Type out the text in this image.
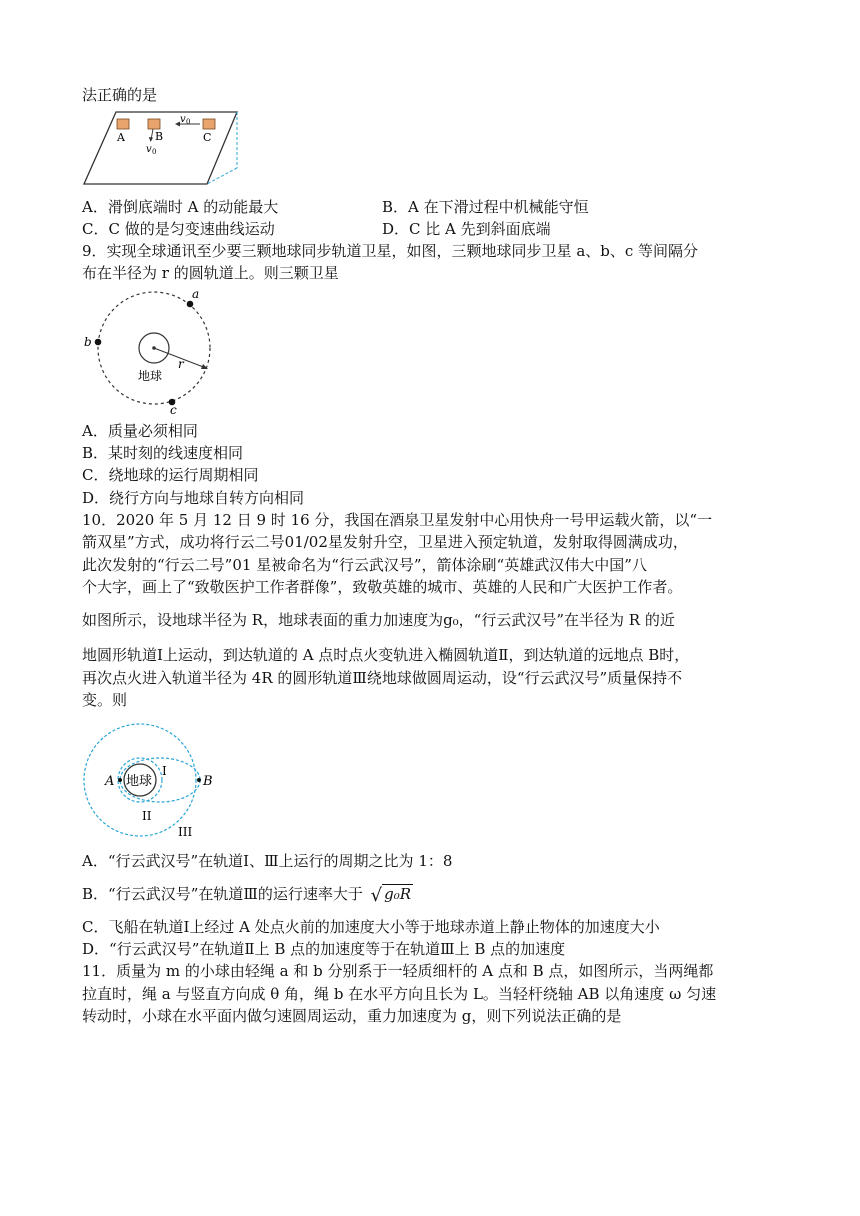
法正确的是
A	B	C
v 0
v 0
A．滑倒底端时 A 的动能最大	B．A 在下滑过程中机械能守恒
C．C 做的是匀变速曲线运动	D．C 比 A 先到斜面底端
9．实现全球通讯至少要三颗地球同步轨道卫星，如图，三颗地球同步卫星 a、b、c 等间隔分
布在半径为 r 的圆轨道上。则三颗卫星
a
b
c
r
地球
A．质量必须相同
B．某时刻的线速度相同
C．绕地球的运行周期相同
D．绕行方向与地球自转方向相同
10．2020 年 5 月 12 日 9 时 16 分，我国在酒泉卫星发射中心用快舟一号甲运载火箭，以“一
箭双星”方式，成功将行云二号01/02星发射升空，卫星进入预定轨道，发射取得圆满成功，
此次发射的“行云二号”01 星被命名为“行云武汉号”，箭体涂刷“英雄武汉伟大中国”八
个大字，画上了“致敬医护工作者群像”，致敬英雄的城市、英雄的人民和广大医护工作者。
如图所示，设地球半径为 R，地球表面的重力加速度为g₀，“行云武汉号”在半径为 R 的近
地圆形轨道Ⅰ上运动，到达轨道的 A 点时点火变轨进入椭圆轨道Ⅱ，到达轨道的远地点 B时，
再次点火进入轨道半径为 4R 的圆形轨道Ⅲ绕地球做圆周运动，设“行云武汉号”质量保持不
变。则
A	B
地球
I
II
III
A．“行云武汉号”在轨道Ⅰ、Ⅲ上运行的周期之比为 1：8
B．“行云武汉号”在轨道Ⅲ的运行速率大于 √ g₀R
C．飞船在轨道Ⅰ上经过 A 处点火前的加速度大小等于地球赤道上静止物体的加速度大小
D．“行云武汉号”在轨道Ⅱ上 B 点的加速度等于在轨道Ⅲ上 B 点的加速度
11．质量为 m 的小球由轻绳 a 和 b 分别系于一轻质细杆的 A 点和 B 点，如图所示，当两绳都
拉直时，绳 a 与竖直方向成 θ 角，绳 b 在水平方向且长为 L。当轻杆绕轴 AB 以角速度 ω 匀速
转动时，小球在水平面内做匀速圆周运动，重力加速度为 g，则下列说法正确的是
